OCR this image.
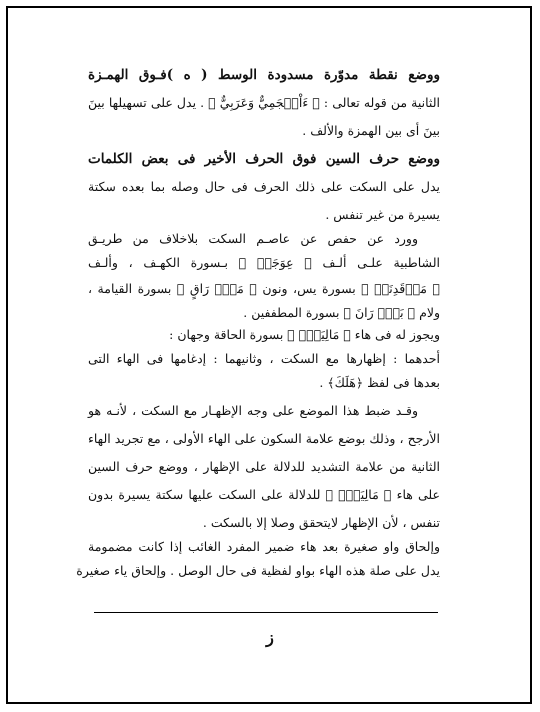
ووضع نقطة مدوّرة مسدودة الوسط ( ه )فـوق الهمـزة
الثانية من قوله تعالى : ﴿ ءَاْعۡجَمِيٌّ وَعَرَبِيٌّ ﴾ . يدل على تسهيلها بينَ
بينَ أى بين الهمزة والألف .
ووضع حرف السين فوق الحرف الأخير فى بعض الكلمات
يدل على السكت على ذلك الحرف فى حال وصله بما بعده سكتة
يسيرة من غير تنفس .
وورد عن حفص عن عاصـم السكت بلاخلاف من طريـق
الشاطبية علـى ألـف ﴿ عِوَجَاۜ ﴾ بـسورة الكهـف ، وألـف
﴿ مَرۡقَدِنَاۜ ﴾ بسورة يس، ونون ﴿ مَنۡۜ رَاقٍ ﴾ بسورة القيامة ،
ولام ﴿ بَلۡۜ رَانَ ﴾ بسورة المطففين .
ويجوز له فى هاء ﴿ مَالِيَهۡۜ ﴾ بسورة الحاقة وجهان :
أحدهما : إظهارها مع السكت ، وثانيهما : إدغامها فى الهاء التى
بعدها فى لفظ ﴿هَلَكَ﴾ .
وقـد ضبط هذا الموضع على وجه الإظهـار مع السكت ، لأنـه هو
الأرجح ، وذلك بوضع علامة السكون على الهاء الأولى ، مع تجريد الهاء
الثانية من علامة التشديد للدلالة على الإظهار ، ووضع حرف السين
على هاء ﴿ مَالِيَهۡۜ ﴾ للدلالة على السكت عليها سكتة يسيرة بدون
تنفس ، لأن الإظهار لايتحقق وصلا إلا بالسكت .
وإلحاق واو صغيرة بعد هاء ضمير المفرد الغائب إذا كانت مضمومة
يدل على صلة هذه الهاء بواو لفظية فى حال الوصل . وإلحاق ياء صغيرة
ز
